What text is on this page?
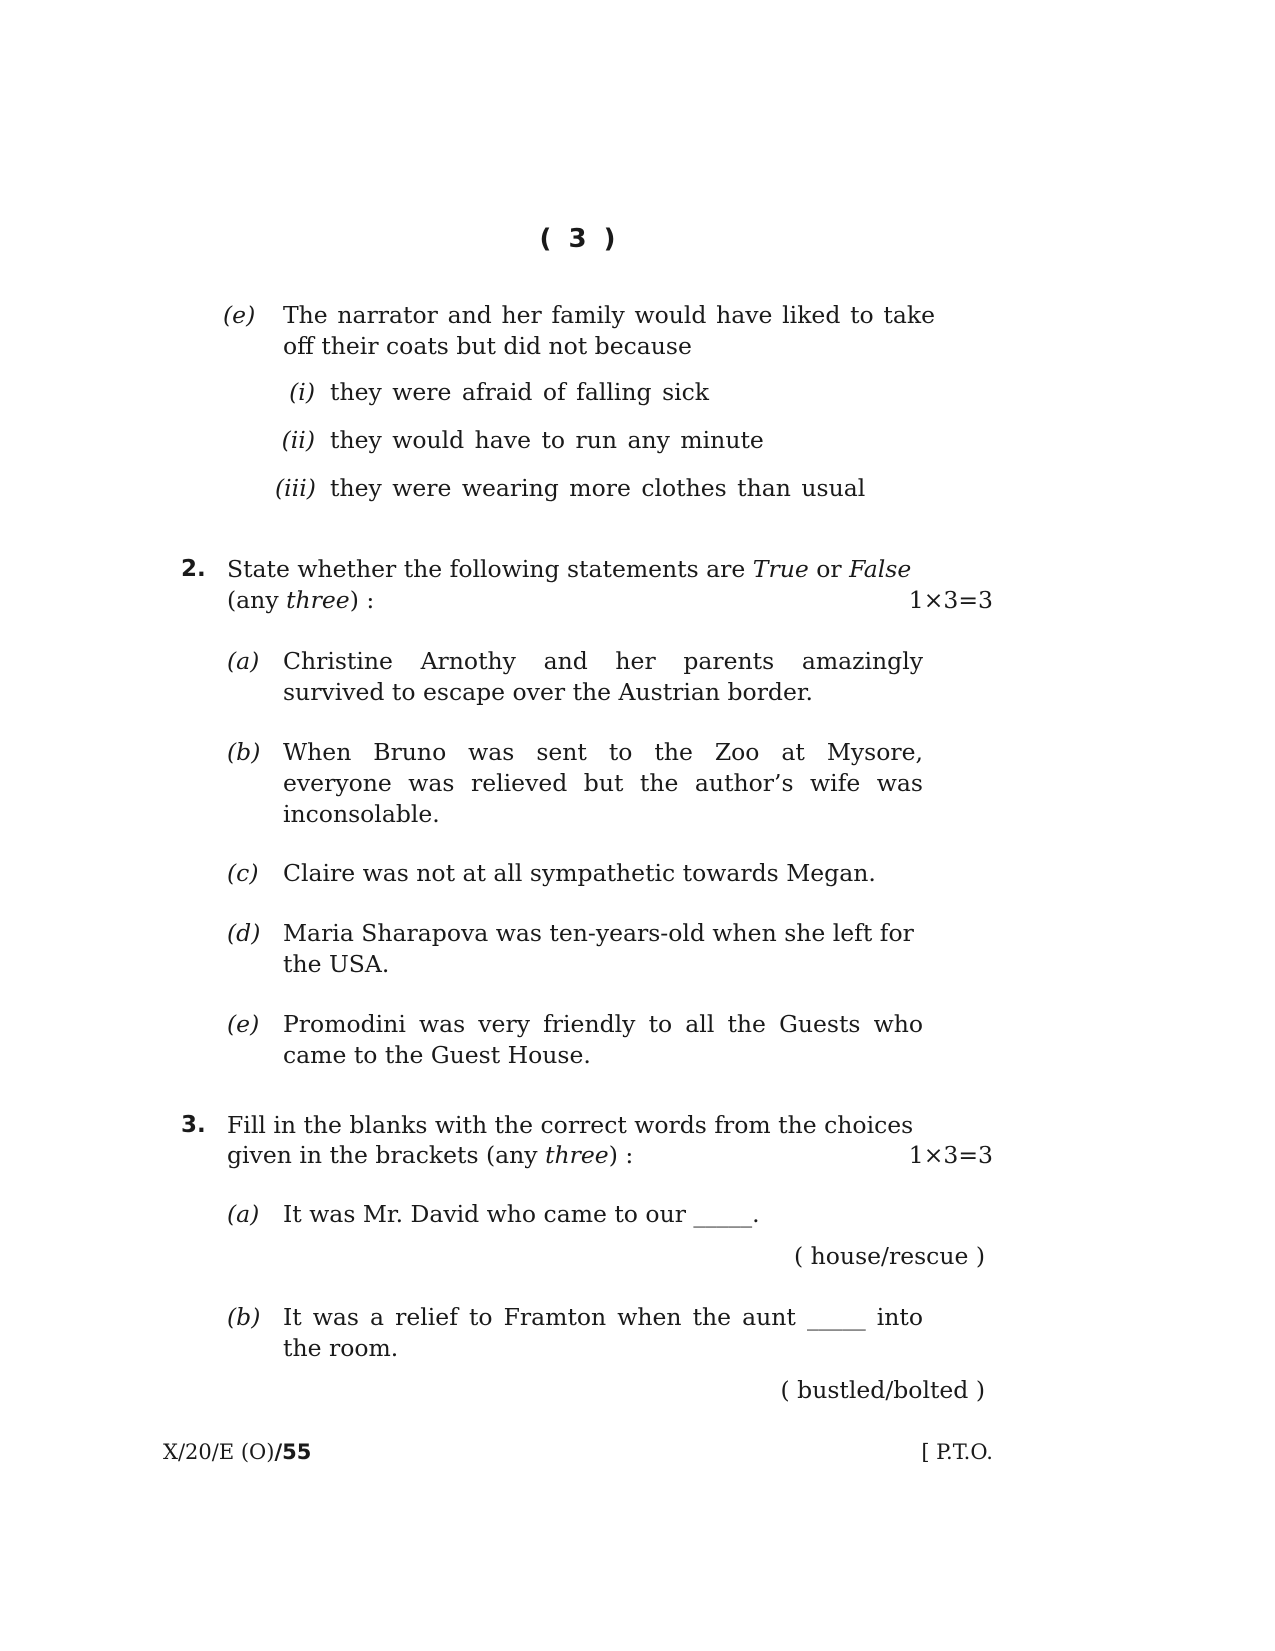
( 3 )
(e) The narrator and her family would have liked to take off their coats but did not because
(i) they were afraid of falling sick
(ii) they would have to run any minute
(iii) they were wearing more clothes than usual
2. State whether the following statements are True or False
(any three) :	1×3=3
(a) Christine Arnothy and her parents amazingly survived to escape over the Austrian border.
(b) When Bruno was sent to the Zoo at Mysore, everyone was relieved but the author’s wife was inconsolable.
(c) Claire was not at all sympathetic towards Megan.
(d) Maria Sharapova was ten-years-old when she left for the USA.
(e) Promodini was very friendly to all the Guests who came to the Guest House.
3. Fill in the blanks with the correct words from the choices
given in the brackets (any three) :	1×3=3
(a) It was Mr. David who came to our _____.
( house/rescue )
(b) It was a relief to Framton when the aunt _____ into the room.
( bustled/bolted )
X/20/E (O)/55	[ P.T.O.
